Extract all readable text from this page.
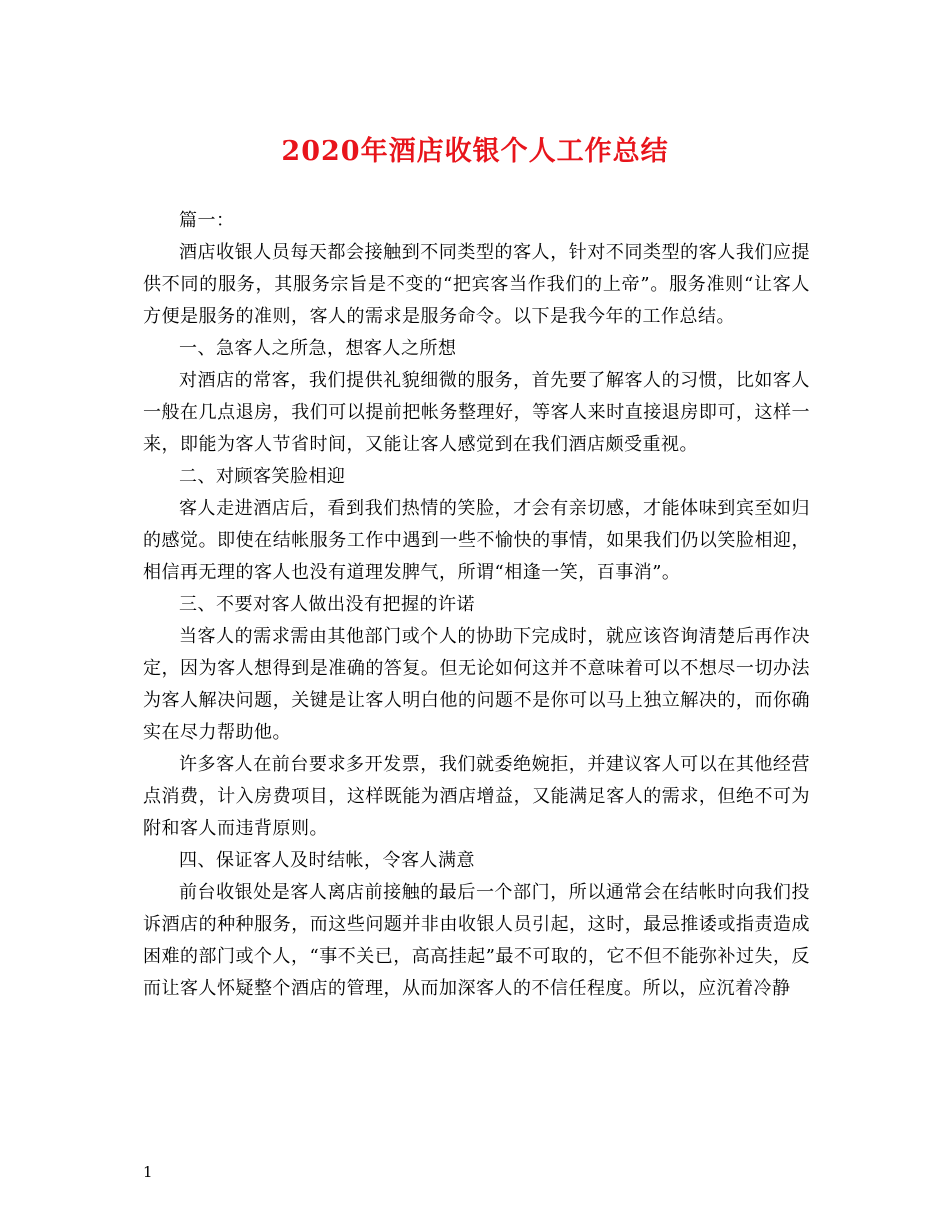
2020年酒店收银个人工作总结

篇一：

酒店收银人员每天都会接触到不同类型的客人，针对不同类型的客人我们应提供不同的服务，其服务宗旨是不变的“把宾客当作我们的上帝”。服务准则“让客人方便是服务的准则，客人的需求是服务命令。以下是我今年的工作总结。

一、急客人之所急，想客人之所想

对酒店的常客，我们提供礼貌细微的服务，首先要了解客人的习惯，比如客人一般在几点退房，我们可以提前把帐务整理好，等客人来时直接退房即可，这样一来，即能为客人节省时间，又能让客人感觉到在我们酒店颇受重视。

二、对顾客笑脸相迎

客人走进酒店后，看到我们热情的笑脸，才会有亲切感，才能体味到宾至如归的感觉。即使在结帐服务工作中遇到一些不愉快的事情，如果我们仍以笑脸相迎，相信再无理的客人也没有道理发脾气，所谓“相逢一笑，百事消”。

三、不要对客人做出没有把握的许诺

当客人的需求需由其他部门或个人的协助下完成时，就应该咨询清楚后再作决定，因为客人想得到是准确的答复。但无论如何这并不意味着可以不想尽一切办法为客人解决问题，关键是让客人明白他的问题不是你可以马上独立解决的，而你确实在尽力帮助他。

许多客人在前台要求多开发票，我们就委绝婉拒，并建议客人可以在其他经营点消费，计入房费项目，这样既能为酒店增益，又能满足客人的需求，但绝不可为附和客人而违背原则。

四、保证客人及时结帐，令客人满意

前台收银处是客人离店前接触的最后一个部门，所以通常会在结帐时向我们投诉酒店的种种服务，而这些问题并非由收银人员引起，这时，最忌推诿或指责造成困难的部门或个人，“事不关已，高高挂起”最不可取的，它不但不能弥补过失，反而让客人怀疑整个酒店的管理，从而加深客人的不信任程度。所以，应沉着冷静

1
